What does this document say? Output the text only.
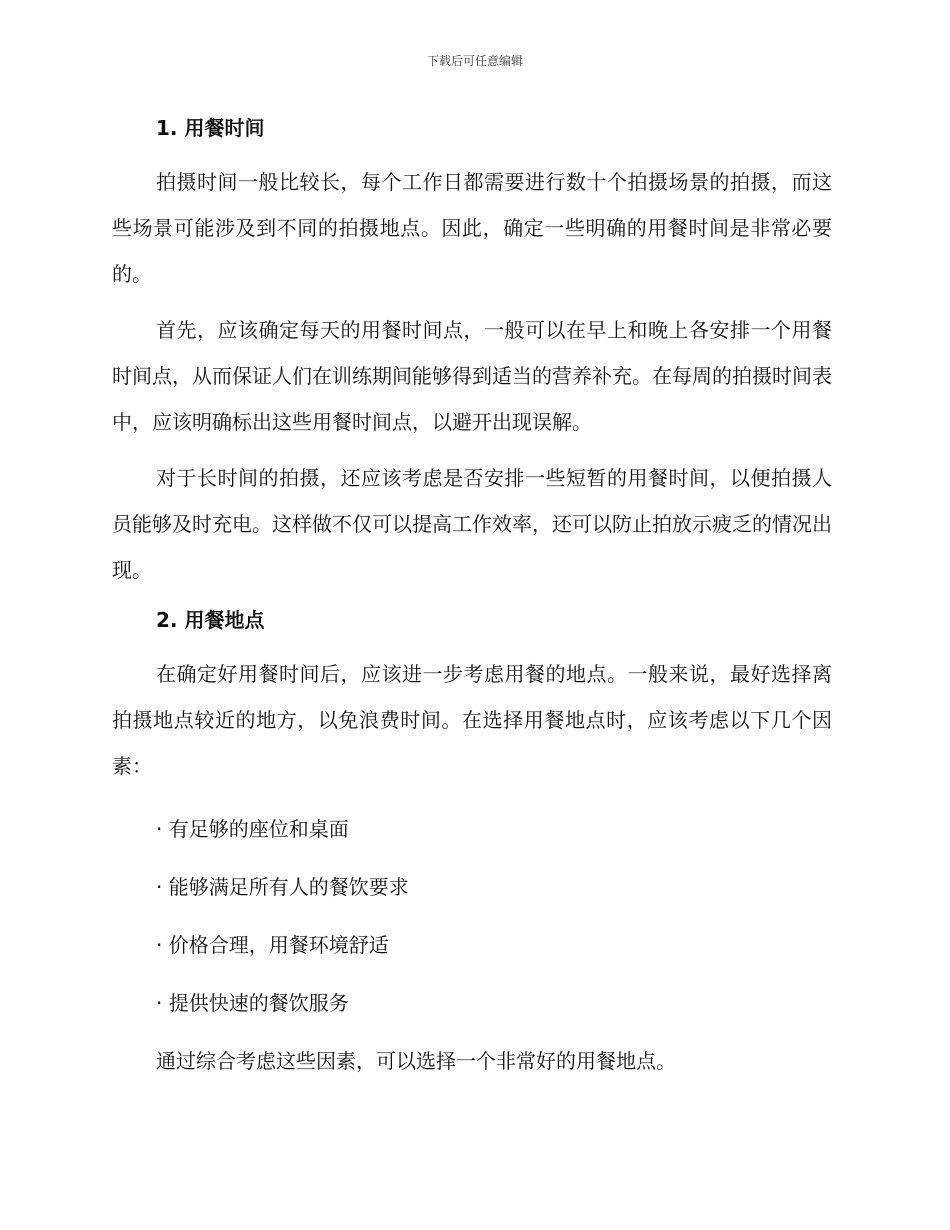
下载后可任意编辑
1. 用餐时间

拍摄时间一般比较长，每个工作日都需要进行数十个拍摄场景的拍摄，而这些场景可能涉及到不同的拍摄地点。因此，确定一些明确的用餐时间是非常必要的。

首先，应该确定每天的用餐时间点，一般可以在早上和晚上各安排一个用餐时间点，从而保证人们在训练期间能够得到适当的营养补充。在每周的拍摄时间表中，应该明确标出这些用餐时间点，以避开出现误解。

对于长时间的拍摄，还应该考虑是否安排一些短暂的用餐时间，以便拍摄人员能够及时充电。这样做不仅可以提高工作效率，还可以防止拍放示疲乏的情况出现。

2. 用餐地点

在确定好用餐时间后，应该进一步考虑用餐的地点。一般来说，最好选择离拍摄地点较近的地方，以免浪费时间。在选择用餐地点时，应该考虑以下几个因素：

· 有足够的座位和桌面

· 能够满足所有人的餐饮要求

· 价格合理，用餐环境舒适

· 提供快速的餐饮服务

通过综合考虑这些因素，可以选择一个非常好的用餐地点。
